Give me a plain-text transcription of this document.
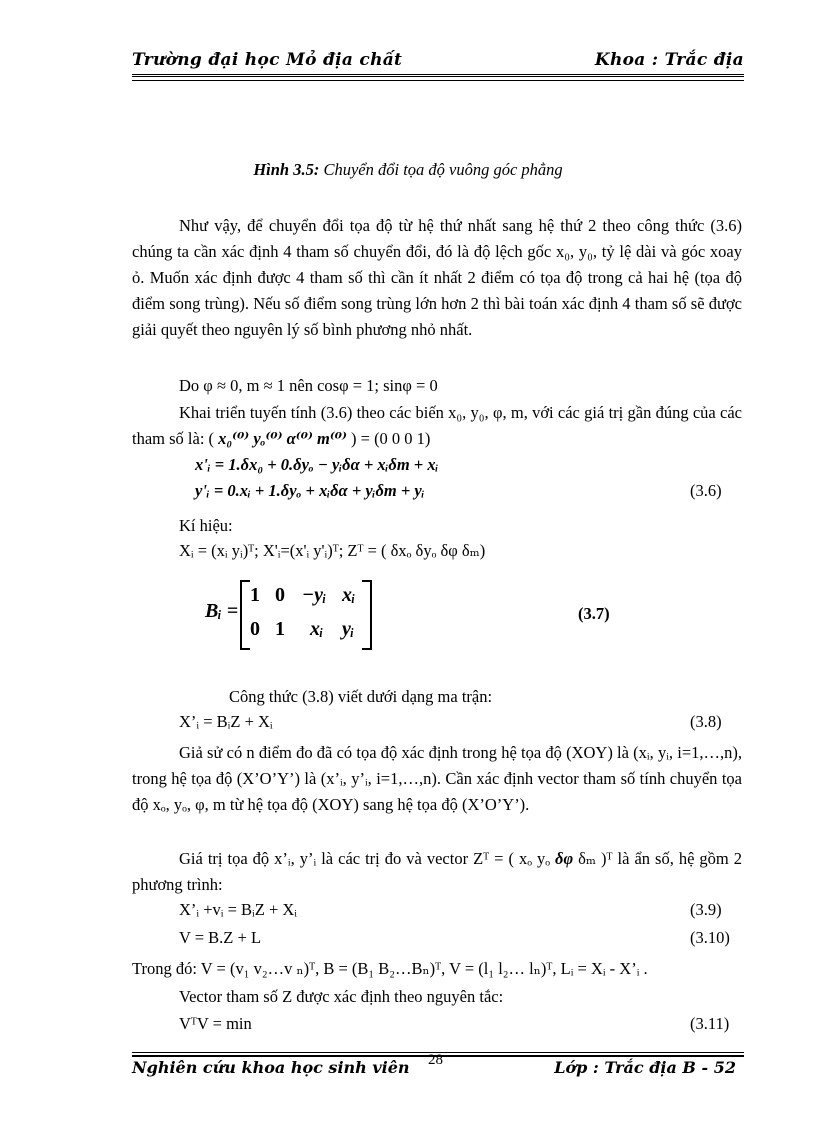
Trường đại học Mỏ địa chất	Khoa : Trắc địa
Hình 3.5: Chuyển đổi tọa độ vuông góc phẳng
Như vậy, để chuyển đổi tọa độ từ hệ thứ nhất sang hệ thứ 2 theo công thức (3.6) chúng ta cần xác định 4 tham số chuyển đổi, đó là độ lệch gốc x₀, y₀, tỷ lệ dài và góc xoay ỏ. Muốn xác định được 4 tham số thì cần ít nhất 2 điểm có tọa độ trong cả hai hệ (tọa độ điểm song trùng). Nếu số điểm song trùng lớn hơn 2 thì bài toán xác định 4 tham số sẽ được giải quyết theo nguyên lý số bình phương nhỏ nhất.
Do φ ≈ 0, m ≈ 1 nên cosφ = 1; sinφ = 0
Khai triển tuyến tính (3.6) theo các biến x₀, y₀, φ, m, với các giá trị gần đúng của các tham số là: ( x₀⁽⁰⁾ yₒ⁽⁰⁾ α⁽⁰⁾ m⁽⁰⁾ ) = (0 0 0 1)
x'ᵢ = 1.δx₀ + 0.δyₒ − yᵢδα + xᵢδm + xᵢ
y'ᵢ = 0.xᵢ + 1.δyₒ + xᵢδα + yᵢδm + yᵢ	(3.6)
Kí hiệu:
Xᵢ = (xᵢ yᵢ)ᵀ; X'ᵢ=(x'ᵢ y'ᵢ)ᵀ; Zᵀ = ( δxₒ δyₒ δφ δₘ)
Bᵢ =
1 0 −yᵢ xᵢ
0 1 xᵢ yᵢ
(3.7)
Công thức (3.8) viết dưới dạng ma trận:
X’ᵢ = BᵢZ + Xᵢ	(3.8)
Giả sử có n điểm đo đã có tọa độ xác định trong hệ tọa độ (XOY) là (xᵢ, yᵢ, i=1,…,n), trong hệ tọa độ (X’O’Y’) là (x’ᵢ, y’ᵢ, i=1,…,n). Cần xác định vector tham số tính chuyển tọa độ xₒ, yₒ, φ, m từ hệ tọa độ (XOY) sang hệ tọa độ (X’O’Y’).
Giá trị tọa độ x’ᵢ, y’ᵢ là các trị đo và vector Zᵀ = ( xₒ yₒ δφ δₘ )ᵀ là ẩn số, hệ gồm 2 phương trình:
X’ᵢ +vᵢ = BᵢZ + Xᵢ	(3.9)
V = B.Z + L	(3.10)
Trong đó: V = (v₁ v₂…v ₙ)ᵀ, B = (B₁ B₂…Bₙ)ᵀ, V = (l₁ l₂… lₙ)ᵀ, Lᵢ = Xᵢ - X’ᵢ .
Vector tham số Z được xác định theo nguyên tắc:
VᵀV = min	(3.11)
28
Nghiên cứu khoa học sinh viên	Lớp : Trắc địa B - 52
